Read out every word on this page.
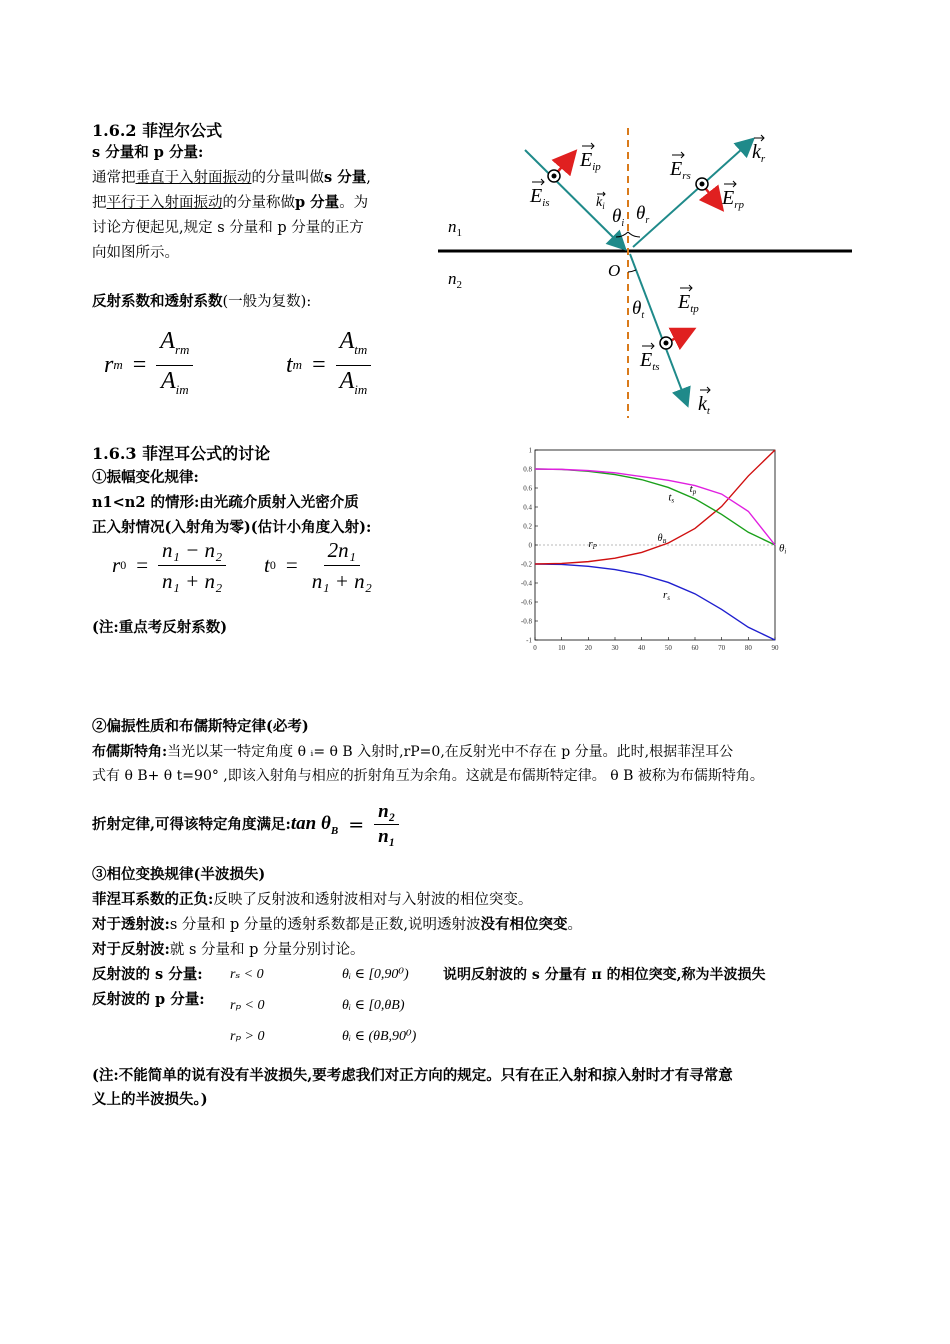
1.6.2 菲涅尔公式
s 分量和 p 分量:
通常把垂直于入射面振动的分量叫做s 分量,
把平行于入射面振动的分量称做p 分量。为
讨论方便起见,规定 s 分量和 p 分量的正方
向如图所示。
反射系数和透射系数(一般为复数):
r $m = \frac{A_{rm}}{A_{im}}$	t $m = \frac{A_{tm}}{A_{im}}$
$n_1$
$n_2$
O
$E_{ip}$
$E_{is}$
$E_{rs}$
$E_{rp}$
$E_{tp}$
$E_{ts}$
$k_r$
$k_i$
$k_t$
$\theta_i$ $\theta_r$
$\theta_t$
1.6.3 菲涅耳公式的讨论
①振幅变化规律:
n1<n2 的情形:由光疏介质射入光密介质
正入射情况(入射角为零)(估计小角度入射):
r $0 = \frac{\text{n₁ − n₂}}{\text{n₁ + n₂}}$ t $0 = \frac{\text{2n₁}}{\text{n₁ + n₂}}$
(注:重点考反射系数)
0	10	20	30	40	50	60	70	80	90
1
0.8
0.6
0.4
0.2
0
-0.2
-0.4
-0.6
-0.8
-1
rs
rP
ts
tp
$\theta_B$
θi
②偏振性质和布儒斯特定律(必考)
布儒斯特角:当光以某一特定角度 θ ᵢ= θ B 入射时,rP=0,在反射光中不存在 p 分量。此时,根据菲涅耳公
式有 θ B+ θ t=90° ,即该入射角与相应的折射角互为余角。这就是布儒斯特定律。 θ B 被称为布儒斯特角。
折射定律,可得该特定角度满足: $\tan \theta_B = \frac{\text{n₂}}{\text{n₁}}$
③相位变换规律(半波损失)
菲涅耳系数的正负:反映了反射波和透射波相对与入射波的相位突变。
对于透射波:s 分量和 p 分量的透射系数都是正数,说明透射波没有相位突变。
对于反射波:就 s 分量和 p 分量分别讨论。
反射波的 s 分量: rₛ < 0	θᵢ ∈ [0,90⁰) 说明反射波的 s 分量有 π 的相位突变,称为半波损失
反射波的 p 分量: rₚ < 0	θᵢ ∈ [0,θB)
rₚ > 0	θᵢ ∈ (θB,90⁰)
(注:不能简单的说有没有半波损失,要考虑我们对正方向的规定。只有在正入射和掠入射时才有寻常意
义上的半波损失。)
